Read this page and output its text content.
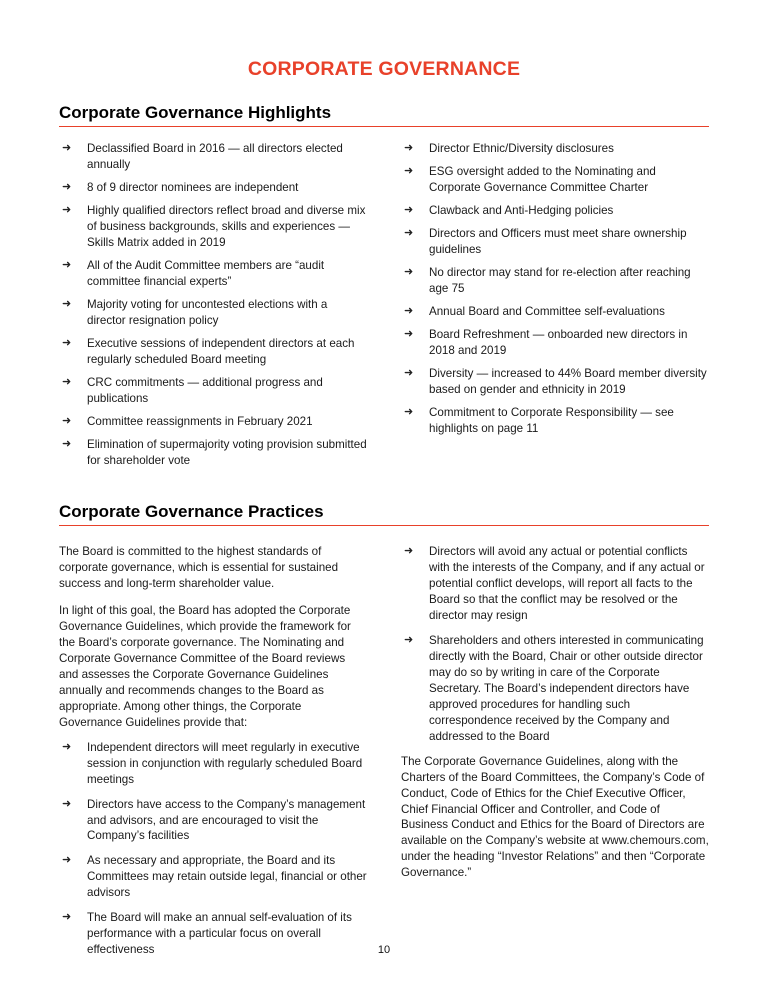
CORPORATE GOVERNANCE
Corporate Governance Highlights
➜ Declassified Board in 2016 — all directors elected annually
➜ 8 of 9 director nominees are independent
➜ Highly qualified directors reflect broad and diverse mix of business backgrounds, skills and experiences — Skills Matrix added in 2019
➜ All of the Audit Committee members are “audit committee financial experts”
➜ Majority voting for uncontested elections with a director resignation policy
➜ Executive sessions of independent directors at each regularly scheduled Board meeting
➜ CRC commitments — additional progress and publications
➜ Committee reassignments in February 2021
➜ Elimination of supermajority voting provision submitted for shareholder vote
➜ Director Ethnic/Diversity disclosures
➜ ESG oversight added to the Nominating and Corporate Governance Committee Charter
➜ Clawback and Anti-Hedging policies
➜ Directors and Officers must meet share ownership guidelines
➜ No director may stand for re-election after reaching age 75
➜ Annual Board and Committee self-evaluations
➜ Board Refreshment — onboarded new directors in 2018 and 2019
➜ Diversity — increased to 44% Board member diversity based on gender and ethnicity in 2019
➜ Commitment to Corporate Responsibility — see highlights on page 11
Corporate Governance Practices

The Board is committed to the highest standards of corporate governance, which is essential for sustained success and long-term shareholder value.

In light of this goal, the Board has adopted the Corporate Governance Guidelines, which provide the framework for the Board’s corporate governance. The Nominating and Corporate Governance Committee of the Board reviews and assesses the Corporate Governance Guidelines annually and recommends changes to the Board as appropriate. Among other things, the Corporate Governance Guidelines provide that:

➜ Independent directors will meet regularly in executive session in conjunction with regularly scheduled Board meetings
➜ Directors have access to the Company’s management and advisors, and are encouraged to visit the Company’s facilities
➜ As necessary and appropriate, the Board and its Committees may retain outside legal, financial or other advisors
➜ The Board will make an annual self-evaluation of its performance with a particular focus on overall effectiveness
➜ Directors will avoid any actual or potential conflicts with the interests of the Company, and if any actual or potential conflict develops, will report all facts to the Board so that the conflict may be resolved or the director may resign
➜ Shareholders and others interested in communicating directly with the Board, Chair or other outside director may do so by writing in care of the Corporate Secretary. The Board’s independent directors have approved procedures for handling such correspondence received by the Company and addressed to the Board

The Corporate Governance Guidelines, along with the Charters of the Board Committees, the Company’s Code of Conduct, Code of Ethics for the Chief Executive Officer, Chief Financial Officer and Controller, and Code of Business Conduct and Ethics for the Board of Directors are available on the Company’s website at www.chemours.com, under the heading “Investor Relations” and then “Corporate Governance.”

10
